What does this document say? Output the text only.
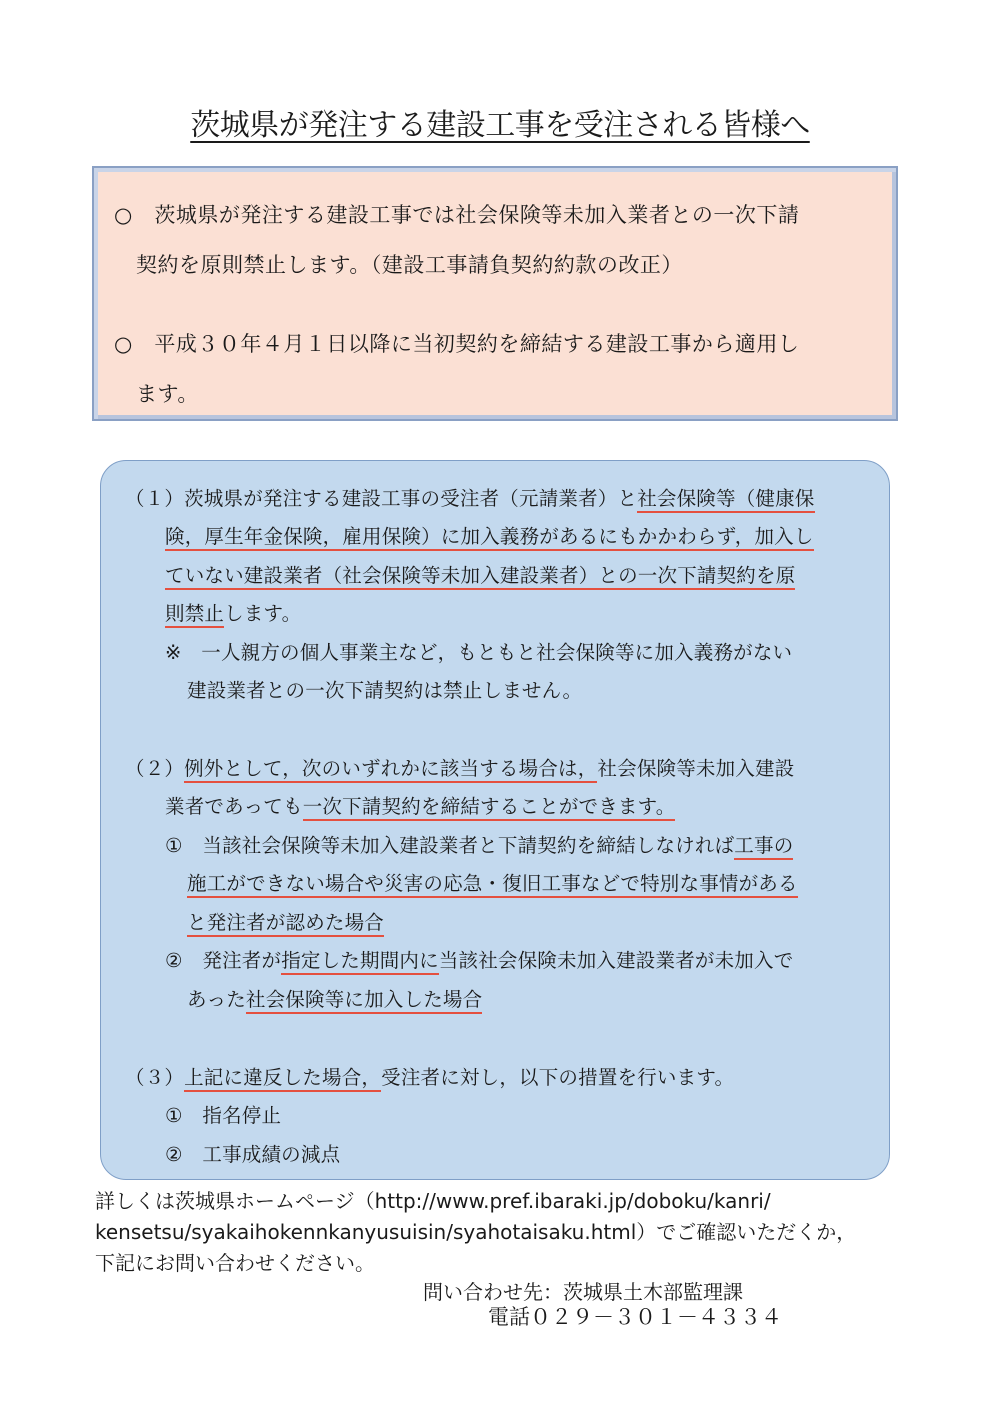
茨城県が発注する建設工事を受注される皆様へ
○　茨城県が発注する建設工事では社会保険等未加入業者との一次下請
契約を原則禁止します。（建設工事請負契約約款の改正）
○　平成３０年４月１日以降に当初契約を締結する建設工事から適用し
ます。
（１）茨城県が発注する建設工事の受注者（元請業者）と社会保険等（健康保
険，厚生年金保険，雇用保険）に加入義務があるにもかかわらず，加入し
ていない建設業者（社会保険等未加入建設業者）との一次下請契約を原
則禁止します。
※　一人親方の個人事業主など，もともと社会保険等に加入義務がない
建設業者との一次下請契約は禁止しません。
（２）例外として，次のいずれかに該当する場合は，社会保険等未加入建設
業者であっても一次下請契約を締結することができます。
①　当該社会保険等未加入建設業者と下請契約を締結しなければ工事の
施工ができない場合や災害の応急・復旧工事などで特別な事情がある
と発注者が認めた場合
②　発注者が指定した期間内に当該社会保険未加入建設業者が未加入で
あった社会保険等に加入した場合
（３）上記に違反した場合，受注者に対し，以下の措置を行います。
①　指名停止
②　工事成績の減点
詳しくは茨城県ホームページ（http://www.pref.ibaraki.jp/doboku/kanri/
kensetsu/syakaihokennkanyusuisin/syahotaisaku.html）でご確認いただくか，
下記にお問い合わせください。
問い合わせ先：茨城県土木部監理課
電話０２９－３０１－４３３４
